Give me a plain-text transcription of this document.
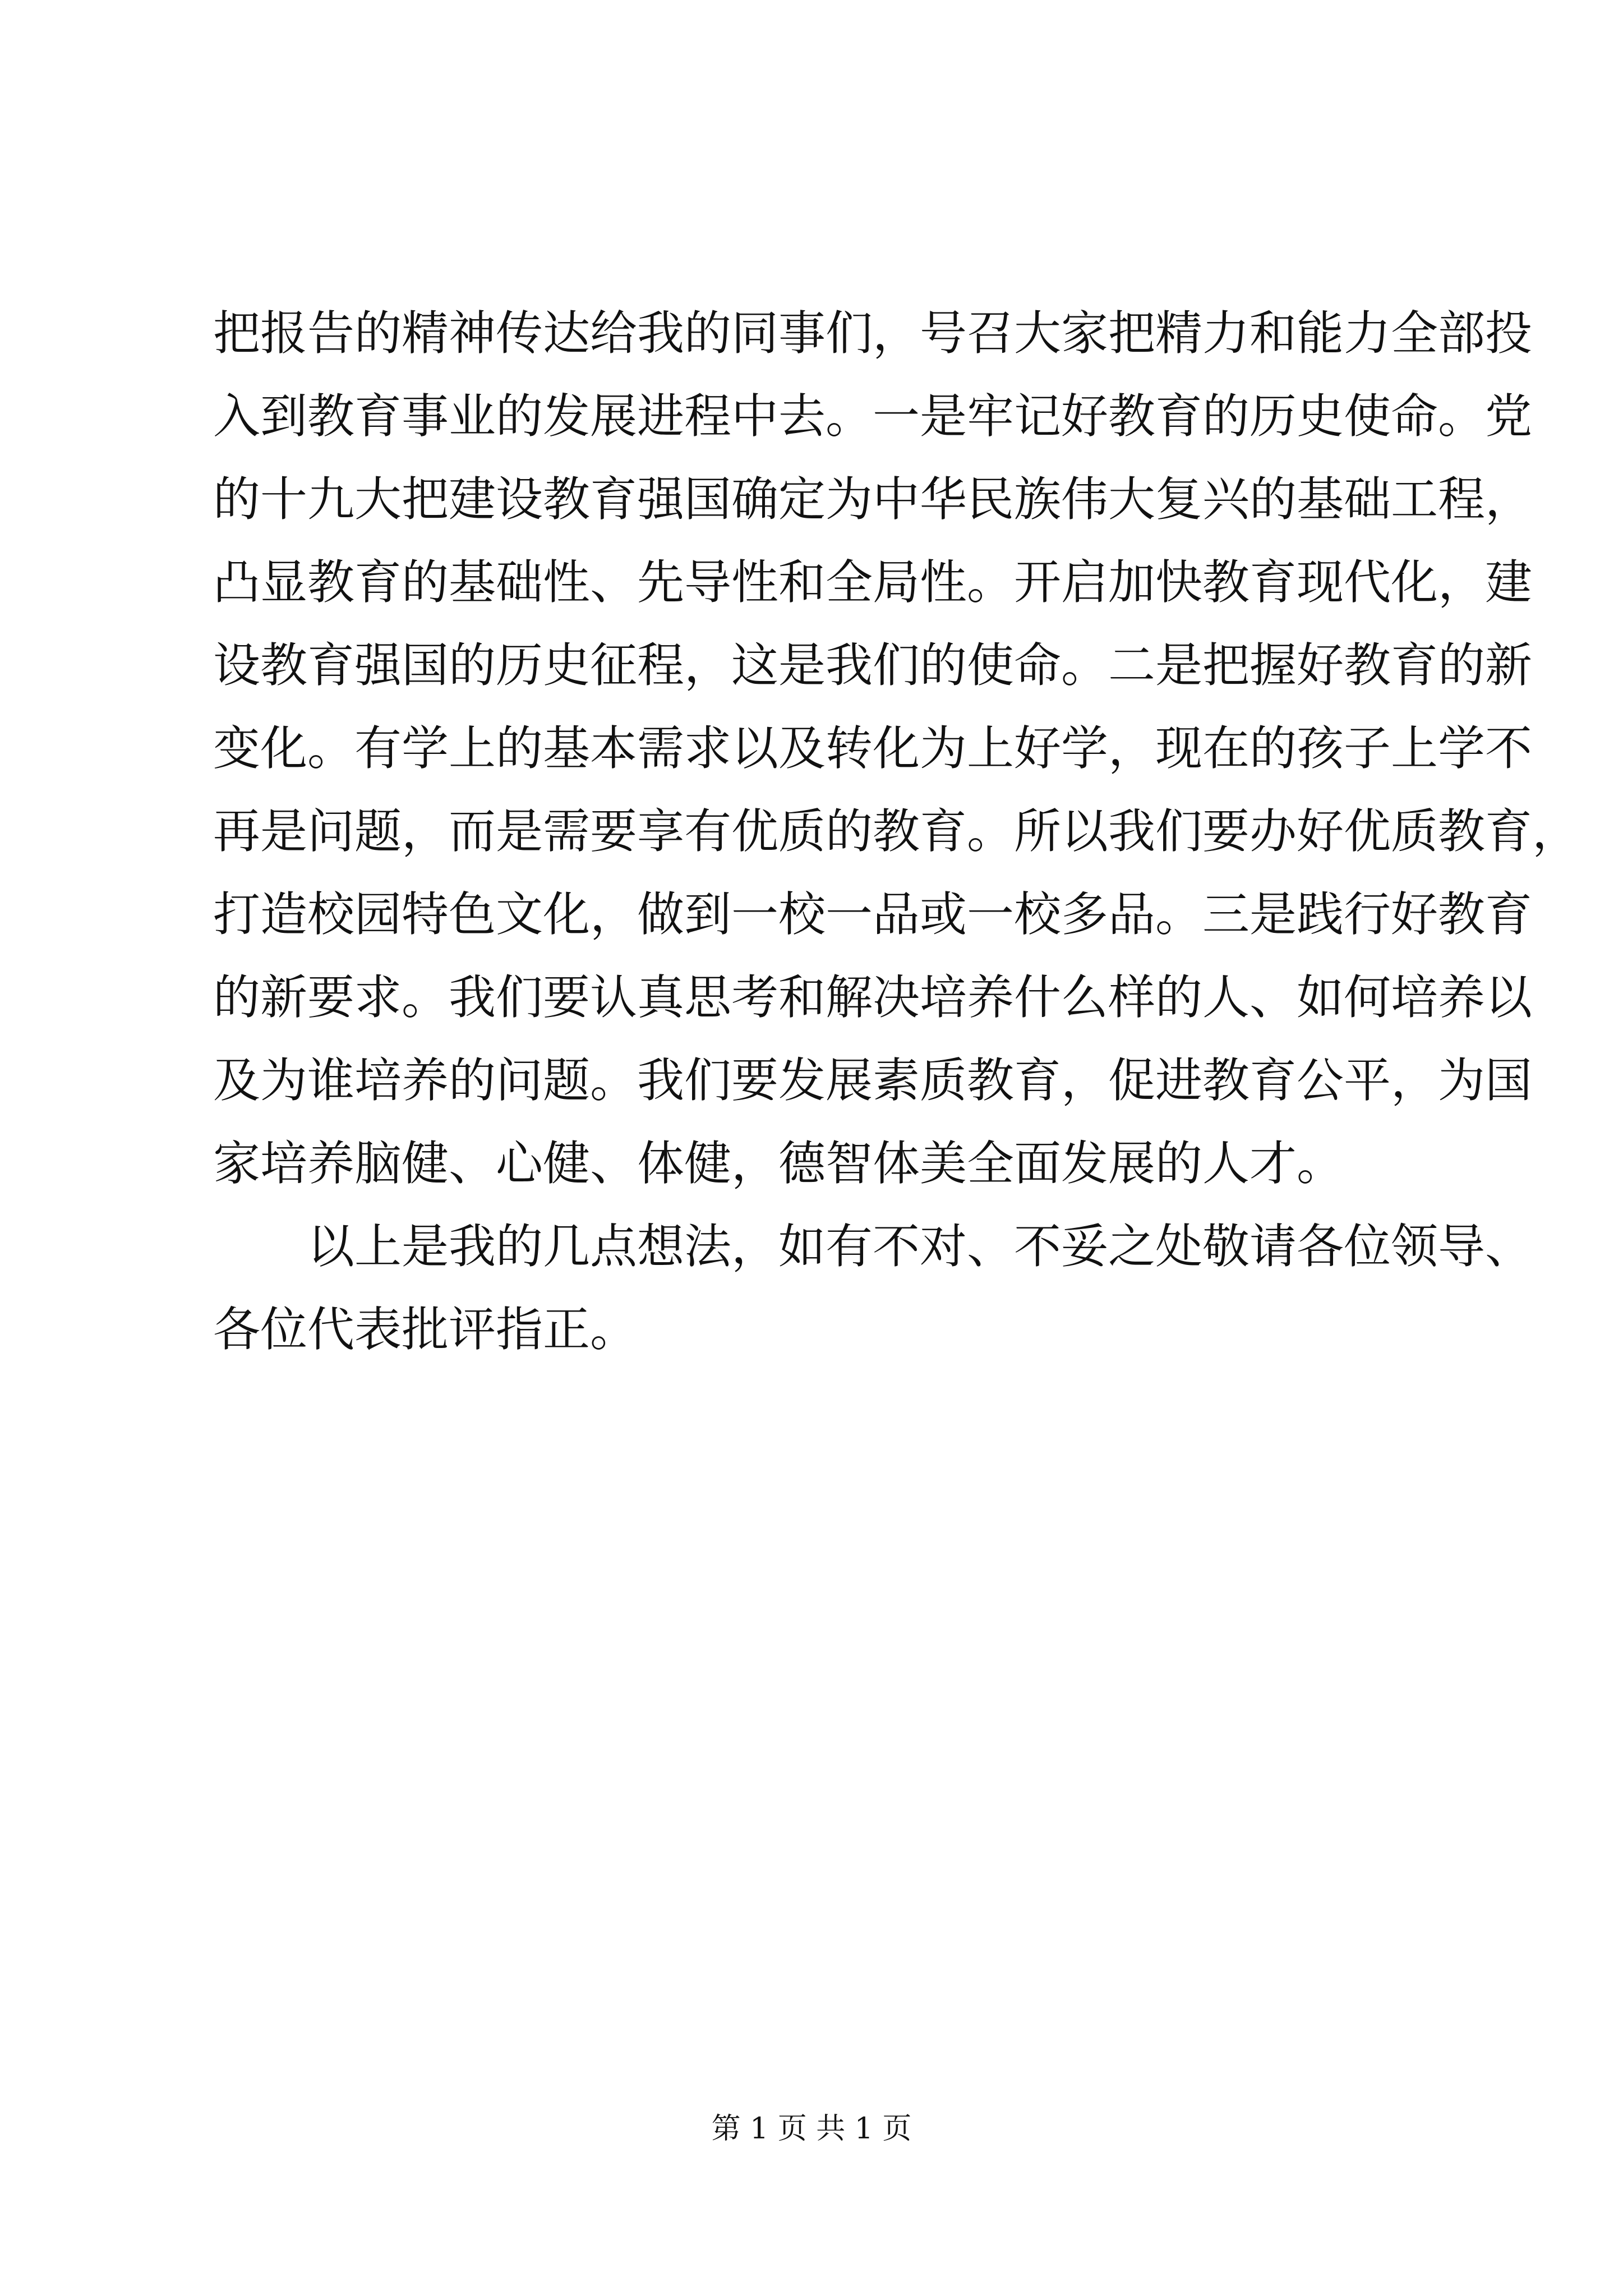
把报告的精神传达给我的同事们，号召大家把精力和能力全部投
入到教育事业的发展进程中去。一是牢记好教育的历史使命。党
的十九大把建设教育强国确定为中华民族伟大复兴的基础工程，
凸显教育的基础性、先导性和全局性。开启加快教育现代化，建
设教育强国的历史征程，这是我们的使命。二是把握好教育的新
变化。有学上的基本需求以及转化为上好学，现在的孩子上学不
再是问题，而是需要享有优质的教育。所以我们要办好优质教育，
打造校园特色文化，做到一校一品或一校多品。三是践行好教育
的新要求。我们要认真思考和解决培养什么样的人、如何培养以
及为谁培养的问题。我们要发展素质教育，促进教育公平，为国
家培养脑健、心健、体健，德智体美全面发展的人才。
以上是我的几点想法，如有不对、不妥之处敬请各位领导、
各位代表批评指正。
第 1 页 共 1 页
